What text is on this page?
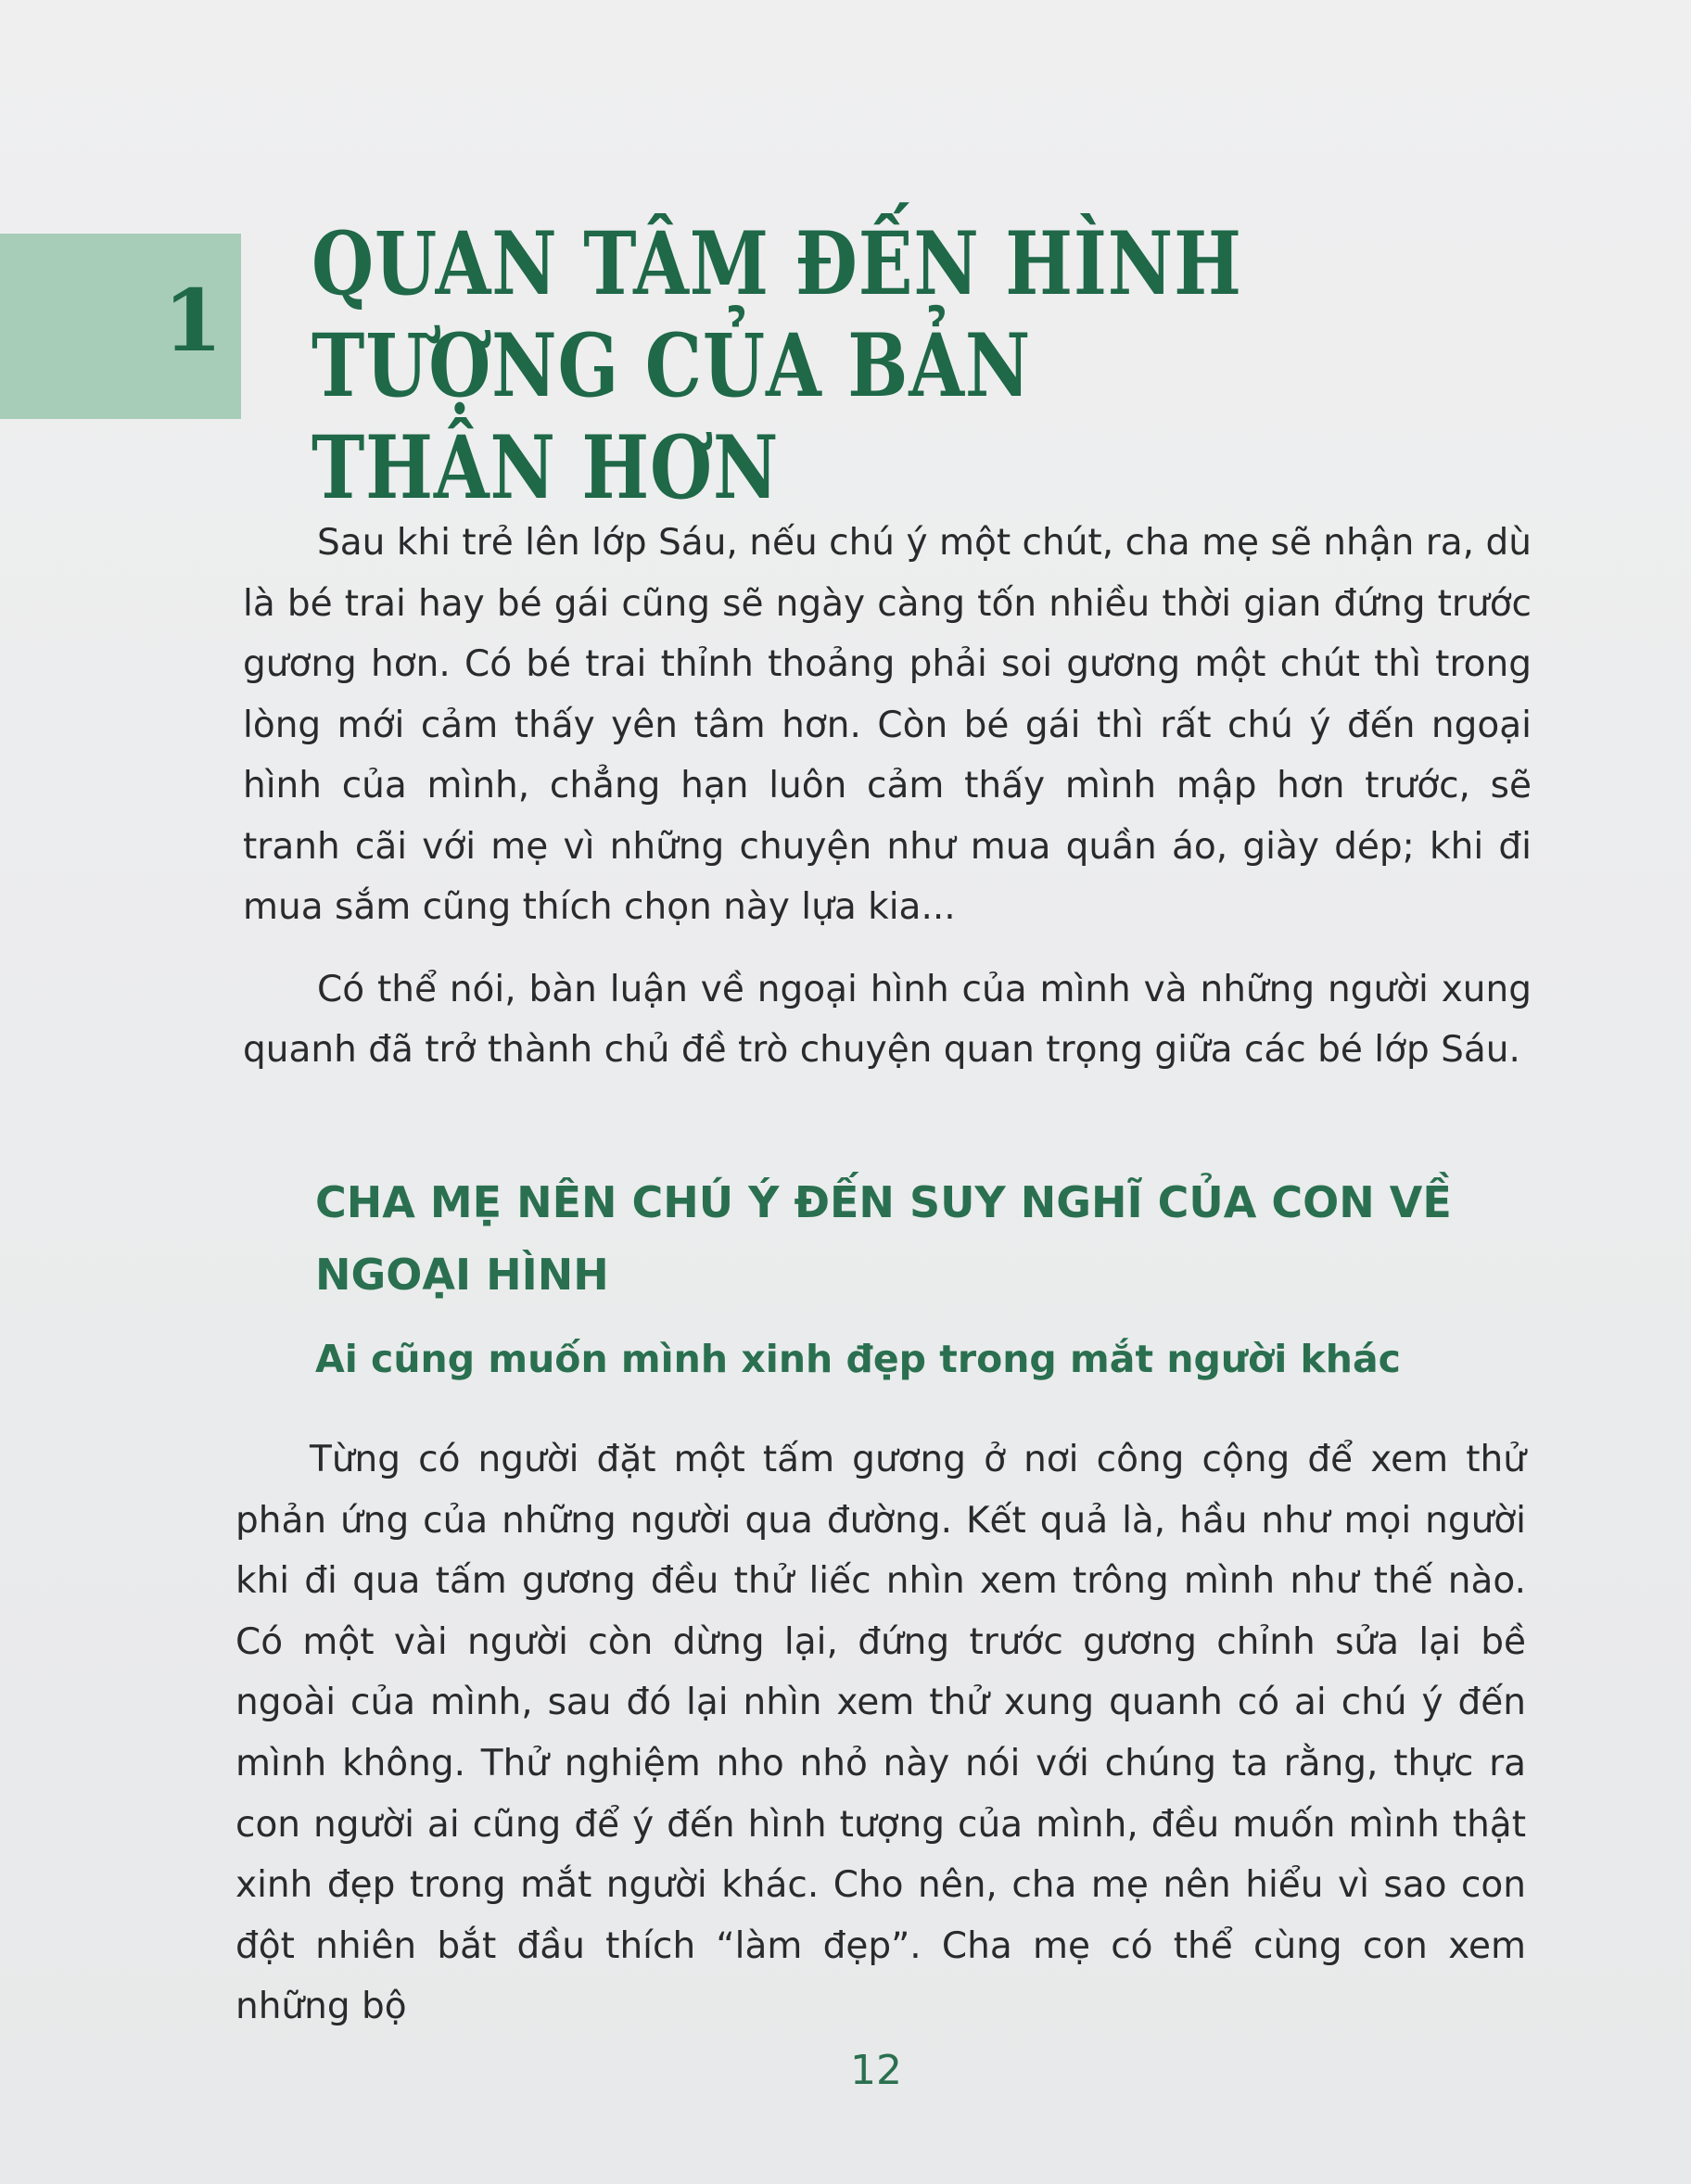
1
QUAN TÂM ĐẾN HÌNH TƯỢNG CỦA BẢN THÂN HƠN

Sau khi trẻ lên lớp Sáu, nếu chú ý một chút, cha mẹ sẽ nhận ra, dù là bé trai hay bé gái cũng sẽ ngày càng tốn nhiều thời gian đứng trước gương hơn. Có bé trai thỉnh thoảng phải soi gương một chút thì trong lòng mới cảm thấy yên tâm hơn. Còn bé gái thì rất chú ý đến ngoại hình của mình, chẳng hạn luôn cảm thấy mình mập hơn trước, sẽ tranh cãi với mẹ vì những chuyện như mua quần áo, giày dép; khi đi mua sắm cũng thích chọn này lựa kia...

Có thể nói, bàn luận về ngoại hình của mình và những người xung quanh đã trở thành chủ đề trò chuyện quan trọng giữa các bé lớp Sáu.

CHA MẸ NÊN CHÚ Ý ĐẾN SUY NGHĨ CỦA CON VỀ NGOẠI HÌNH
Ai cũng muốn mình xinh đẹp trong mắt người khác

Từng có người đặt một tấm gương ở nơi công cộng để xem thử phản ứng của những người qua đường. Kết quả là, hầu như mọi người khi đi qua tấm gương đều thử liếc nhìn xem trông mình như thế nào. Có một vài người còn dừng lại, đứng trước gương chỉnh sửa lại bề ngoài của mình, sau đó lại nhìn xem thử xung quanh có ai chú ý đến mình không. Thử nghiệm nho nhỏ này nói với chúng ta rằng, thực ra con người ai cũng để ý đến hình tượng của mình, đều muốn mình thật xinh đẹp trong mắt người khác. Cho nên, cha mẹ nên hiểu vì sao con đột nhiên bắt đầu thích “làm đẹp”. Cha mẹ có thể cùng con xem những bộ

12
